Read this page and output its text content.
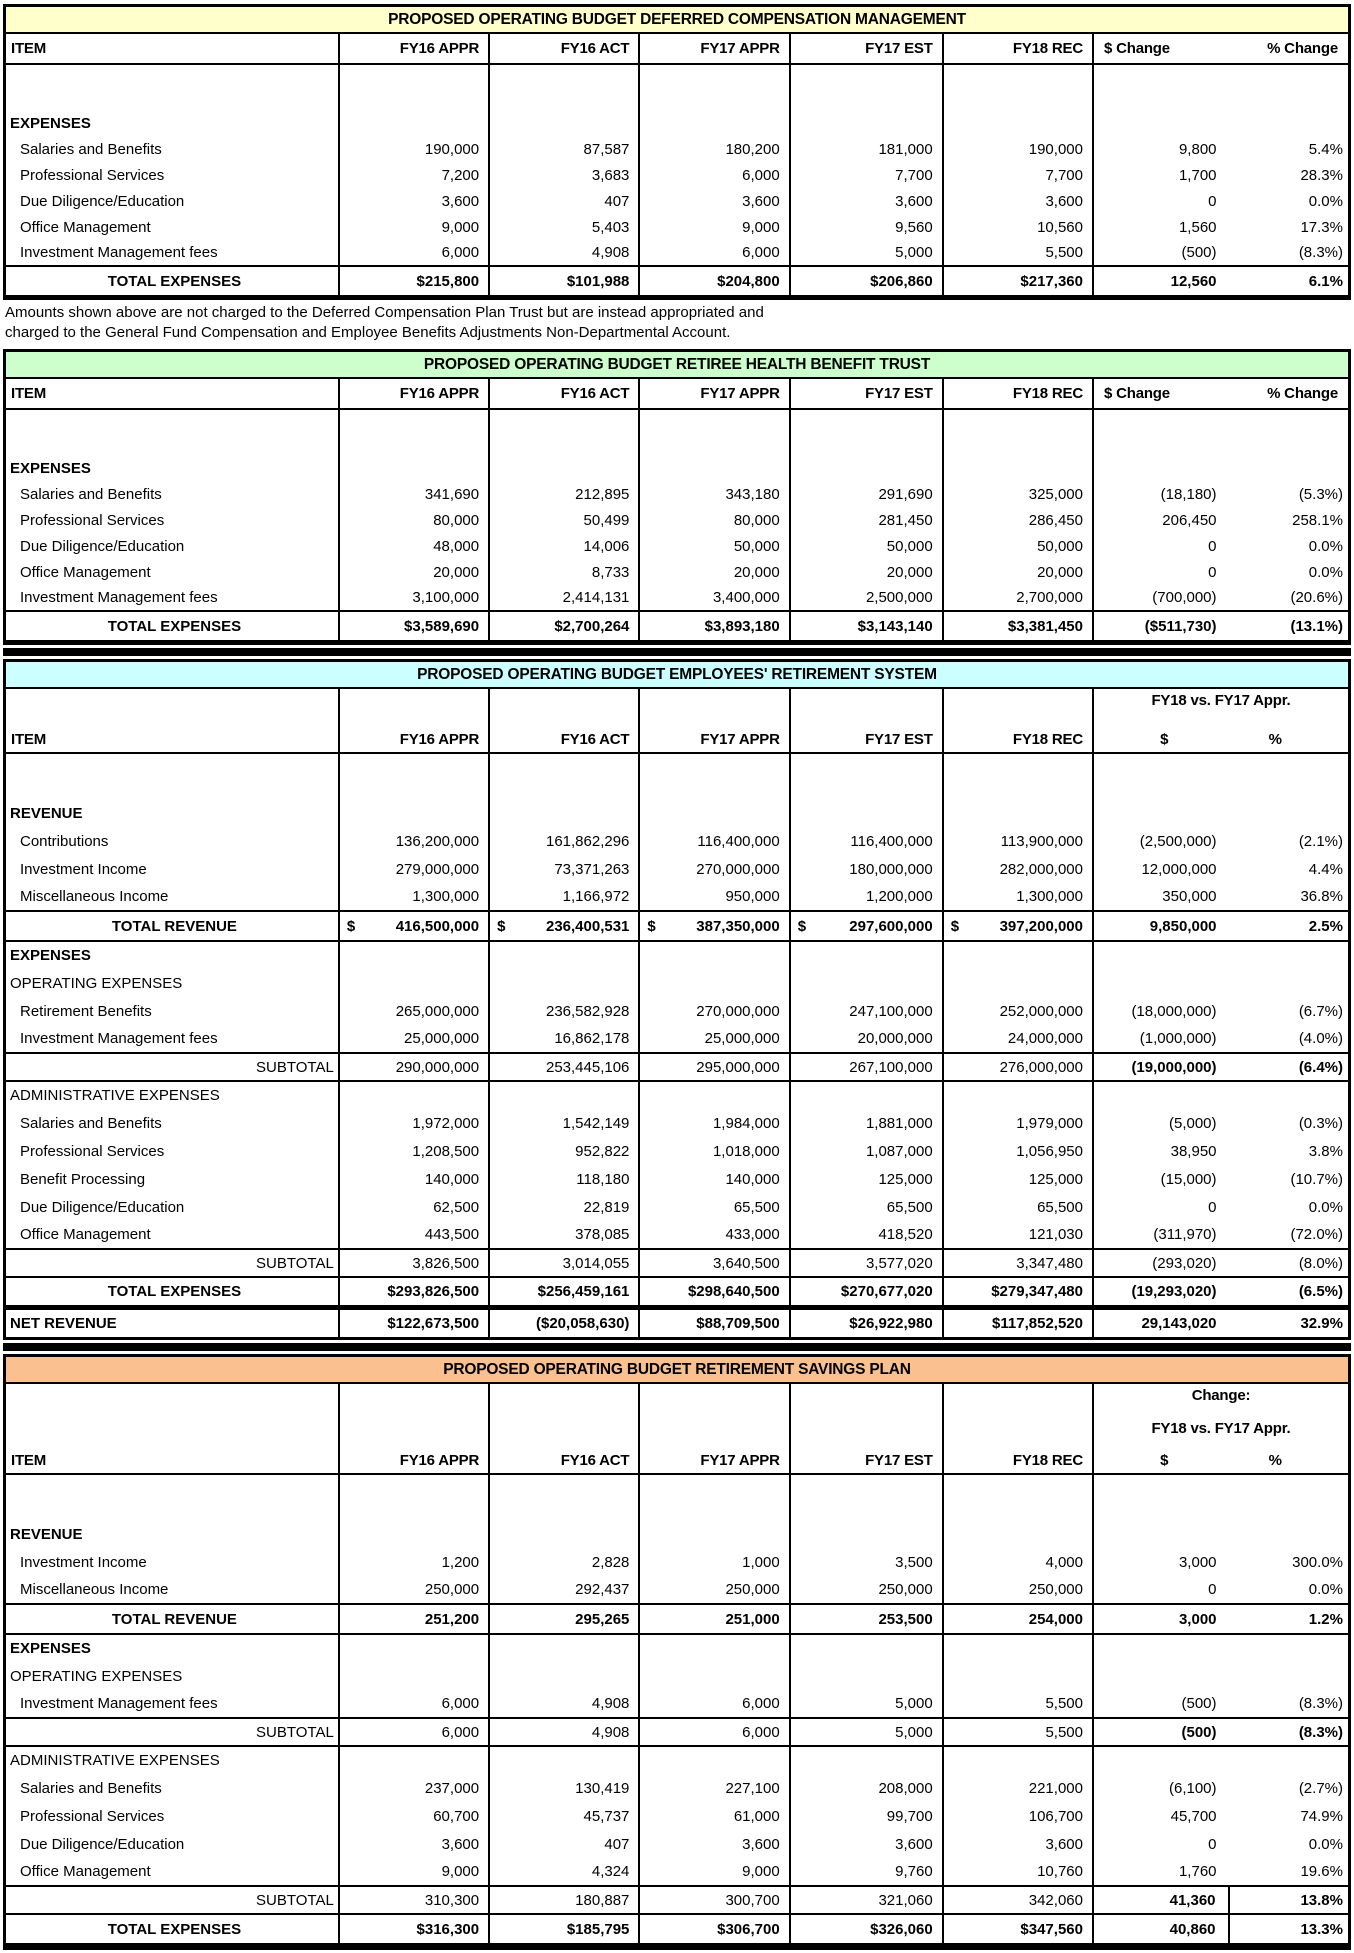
PROPOSED OPERATING BUDGET DEFERRED COMPENSATION MANAGEMENT
ITEM	FY16 APPR	FY16 ACT	FY17 APPR	FY17 EST	FY18 REC	$ Change % Change	

EXPENSES							
Salaries and Benefits	190,000	87,587	180,200	181,000	190,000	9,800	5.4%
Professional Services	7,200	3,683	6,000	7,700	7,700	1,700	28.3%
Due Diligence/Education	3,600	407	3,600	3,600	3,600	0	0.0%
Office Management	9,000	5,403	9,000	9,560	10,560	1,560	17.3%
Investment Management fees	6,000	4,908	6,000	5,000	5,500	(500)	(8.3%)
TOTAL EXPENSES	$215,800	$101,988	$204,800	$206,860	$217,360	12,560	6.1%
Amounts shown above are not charged to the Deferred Compensation Plan Trust but are instead appropriated and
charged to the General Fund Compensation and Employee Benefits Adjustments Non-Departmental Account.
PROPOSED OPERATING BUDGET RETIREE HEALTH BENEFIT TRUST
ITEM	FY16 APPR	FY16 ACT	FY17 APPR	FY17 EST	FY18 REC	$ Change % Change	

EXPENSES							
Salaries and Benefits	341,690	212,895	343,180	291,690	325,000	(18,180)	(5.3%)
Professional Services	80,000	50,499	80,000	281,450	286,450	206,450	258.1%
Due Diligence/Education	48,000	14,006	50,000	50,000	50,000	0	0.0%
Office Management	20,000	8,733	20,000	20,000	20,000	0	0.0%
Investment Management fees	3,100,000	2,414,131	3,400,000	2,500,000	2,700,000	(700,000)	(20.6%)
TOTAL EXPENSES	$3,589,690	$2,700,264	$3,893,180	$3,143,140	$3,381,450	($511,730)	(13.1%)
PROPOSED OPERATING BUDGET EMPLOYEES' RETIREMENT SYSTEM
ITEM	FY16 APPR	FY16 ACT	FY17 APPR	FY17 EST	FY18 REC	FY18 vs. FY17 Appr.
$ %	

REVENUE							
Contributions	136,200,000	161,862,296	116,400,000	116,400,000	113,900,000	(2,500,000)	(2.1%)
Investment Income	279,000,000	73,371,263	270,000,000	180,000,000	282,000,000	12,000,000	4.4%
Miscellaneous Income	1,300,000	1,166,972	950,000	1,200,000	1,300,000	350,000	36.8%
TOTAL REVENUE	$ 416,500,000	$ 236,400,531	$ 387,350,000	$ 297,600,000	$ 397,200,000	9,850,000	2.5%
EXPENSES							
OPERATING EXPENSES							
Retirement Benefits	265,000,000	236,582,928	270,000,000	247,100,000	252,000,000	(18,000,000)	(6.7%)
Investment Management fees	25,000,000	16,862,178	25,000,000	20,000,000	24,000,000	(1,000,000)	(4.0%)
SUBTOTAL	290,000,000	253,445,106	295,000,000	267,100,000	276,000,000	(19,000,000)	(6.4%)
ADMINISTRATIVE EXPENSES							
Salaries and Benefits	1,972,000	1,542,149	1,984,000	1,881,000	1,979,000	(5,000)	(0.3%)
Professional Services	1,208,500	952,822	1,018,000	1,087,000	1,056,950	38,950	3.8%
Benefit Processing	140,000	118,180	140,000	125,000	125,000	(15,000)	(10.7%)
Due Diligence/Education	62,500	22,819	65,500	65,500	65,500	0	0.0%
Office Management	443,500	378,085	433,000	418,520	121,030	(311,970)	(72.0%)
SUBTOTAL	3,826,500	3,014,055	3,640,500	3,577,020	3,347,480	(293,020)	(8.0%)
TOTAL EXPENSES	$293,826,500	$256,459,161	$298,640,500	$270,677,020	$279,347,480	(19,293,020)	(6.5%)
NET REVENUE	$122,673,500	($20,058,630)	$88,709,500	$26,922,980	$117,852,520	29,143,020	32.9%
PROPOSED OPERATING BUDGET RETIREMENT SAVINGS PLAN
ITEM	FY16 APPR	FY16 ACT	FY17 APPR	FY17 EST	FY18 REC	Change:
FY18 vs. FY17 Appr.
$ %	

REVENUE							
Investment Income	1,200	2,828	1,000	3,500	4,000	3,000	300.0%
Miscellaneous Income	250,000	292,437	250,000	250,000	250,000	0	0.0%
TOTAL REVENUE	251,200	295,265	251,000	253,500	254,000	3,000	1.2%
EXPENSES							
OPERATING EXPENSES							
Investment Management fees	6,000	4,908	6,000	5,000	5,500	(500)	(8.3%)
SUBTOTAL	6,000	4,908	6,000	5,000	5,500	(500)	(8.3%)
ADMINISTRATIVE EXPENSES							
Salaries and Benefits	237,000	130,419	227,100	208,000	221,000	(6,100)	(2.7%)
Professional Services	60,700	45,737	61,000	99,700	106,700	45,700	74.9%
Due Diligence/Education	3,600	407	3,600	3,600	3,600	0	0.0%
Office Management	9,000	4,324	9,000	9,760	10,760	1,760	19.6%
SUBTOTAL	310,300	180,887	300,700	321,060	342,060	41,360	13.8%
TOTAL EXPENSES	$316,300	$185,795	$306,700	$326,060	$347,560	40,860	13.3%
